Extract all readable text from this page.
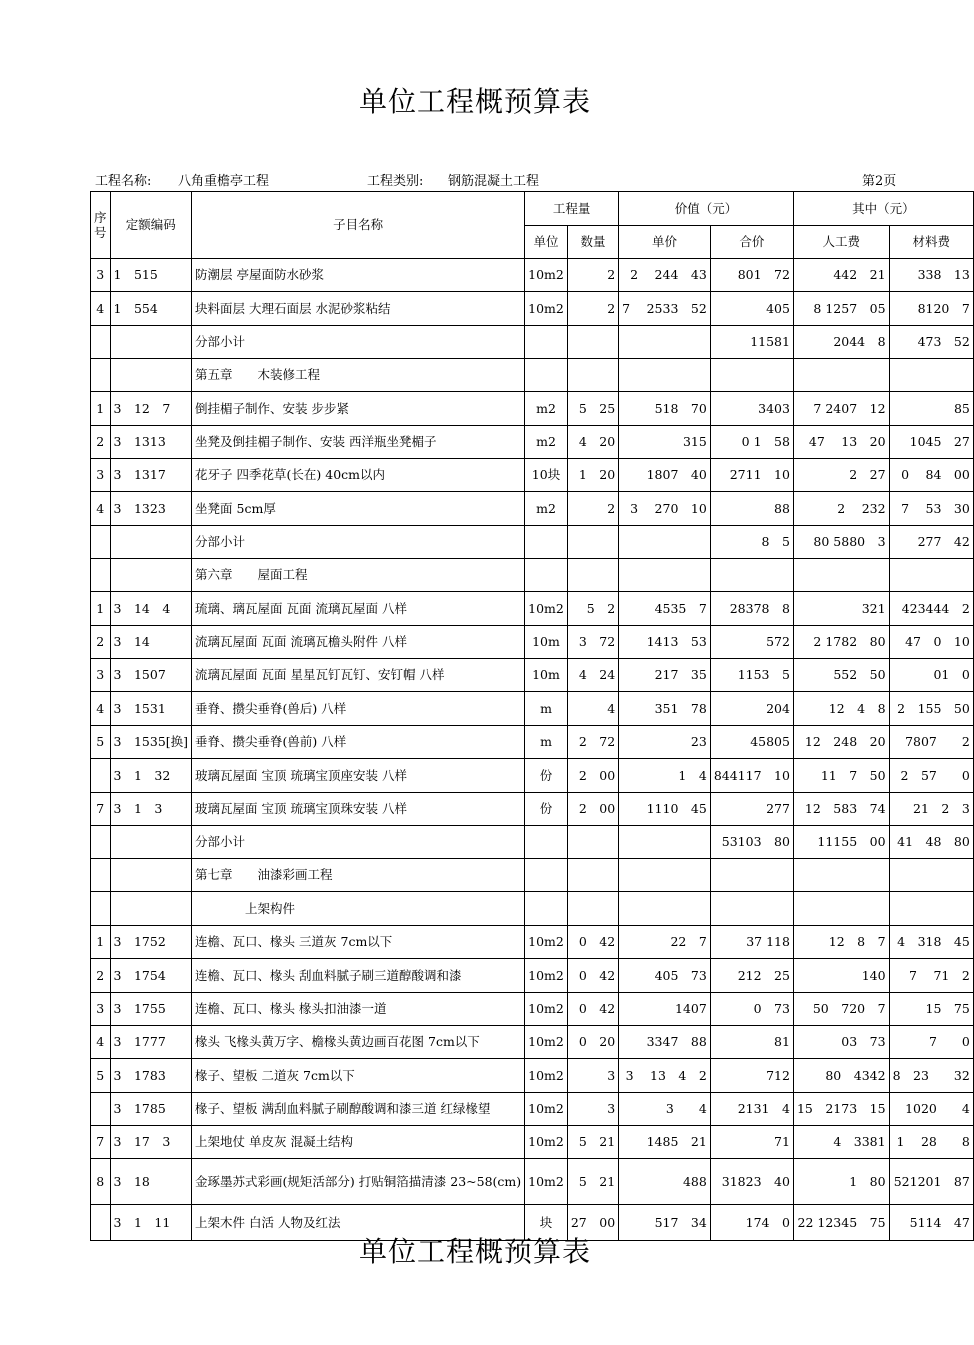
单位工程概预算表
工程名称: 八角重檐亭工程	工程类别: 钢筋混凝土工程	第2页
序号	定额编码	子目名称	工程量		价值（元）		其中（元）	
			单位	数量	单价	合价	人工费	材料费
3	1　515	防潮层 亭屋面防水砂浆	10m2	2	2　 244　43	801　72	442　21	338　13
4	1　554	块料面层 大理石面层 水泥砂浆粘结	10m2	2	7　 2533　52	405	8 1257　05	8120　7
		分部小计				11581	2044　8	473　52
		第五章　　木装修工程						
1	3　12　7	倒挂楣子制作、安装 步步紧	m2	5　25	518　70	3403	7 2407　12	85
2	3　1313	坐凳及倒挂楣子制作、安装 西洋瓶坐凳楣子	m2	4　20	315	0 1　58	47　 13　20	1045　27
3	3　1317	花牙子 四季花草(长在) 40cm以内	10块	1　20	1807　40	2711　10	2　27	0　 84　00
4	3　1323	坐凳面 5cm厚	m2	2	3　 270　10	88	2　 232	7　 53　30
		分部小计				8　5	80 5880　3	277　42
		第六章　　屋面工程						
1	3　14　4	琉璃、璃瓦屋面 瓦面 流璃瓦屋面 八样	10m2	5　2	4535　7	28378　8	321	423444　2
2	3　14	流璃瓦屋面 瓦面 流璃瓦檐头附件 八样	10m	3　72	1413　53	572	2 1782　80	47　0　10
3	3　1507	流璃瓦屋面 瓦面 星星瓦钉瓦钉、安钉帽 八样	10m	4　24	217　35	1153　5	552　50	01　0
4	3　1531	垂脊、攒尖垂脊(兽后) 八样	m	4	351　78	204	12　4　8	2　155　50
5	3　1535[换]	垂脊、攒尖垂脊(兽前) 八样	m	2　72	23	45805	12　248　20	7807　　2
	3　1　32	玻璃瓦屋面 宝顶 琉璃宝顶座安装 八样	份	2　00	1　4	844117　10	11　7　50	2　57　　0
7	3　1　3	玻璃瓦屋面 宝顶 琉璃宝顶珠安装 八样	份	2　00	1110　45	277	12　583　74	21　2　3
		分部小计				53103　80	11155　00	41　48　80
		第七章　　油漆彩画工程						
		　　　　上架构件						
1	3　1752	连檐、瓦口、椽头 三道灰 7cm以下	10m2	0　42	22　7	37 118	12　8　7	4　318　45
2	3　1754	连檐、瓦口、椽头 刮血料腻子刷三道醇酸调和漆	10m2	0　42	405　73	212　25	140	7　 71　2
3	3　1755	连檐、瓦口、椽头 椽头扣油漆一道	10m2	0　42	1407	0　73	50　720　7	15　75
4	3　1777	椽头 飞椽头黄万字、檐椽头黄边画百花图 7cm以下	10m2	0　20	3347　88	81	03　73	7　　0
5	3　1783	椽子、望板 二道灰 7cm以下	10m2	3	3　 13　4　2	712	80　4342	8　23　　32
	3　1785	椽子、望板 满刮血料腻子刷醇酸调和漆三道 红绿椽望	10m2	3	3　　4	2131　4	15　2173　15	1020　　4
7	3　17　3	上架地仗 单皮灰 混凝土结构	10m2	5　21	1485　21	71	4　3381	1　 28　　8
8	3　18	金琢墨苏式彩画(规矩活部分) 打贴铜箔描清漆 23~58(cm)	10m2	5　21	488	31823　40	1　80	521201　87
	3　1　11	上架木件 白活 人物及红法	块	27　00	517　34	174　0	22 12345　75	5114　47
单位工程概预算表
